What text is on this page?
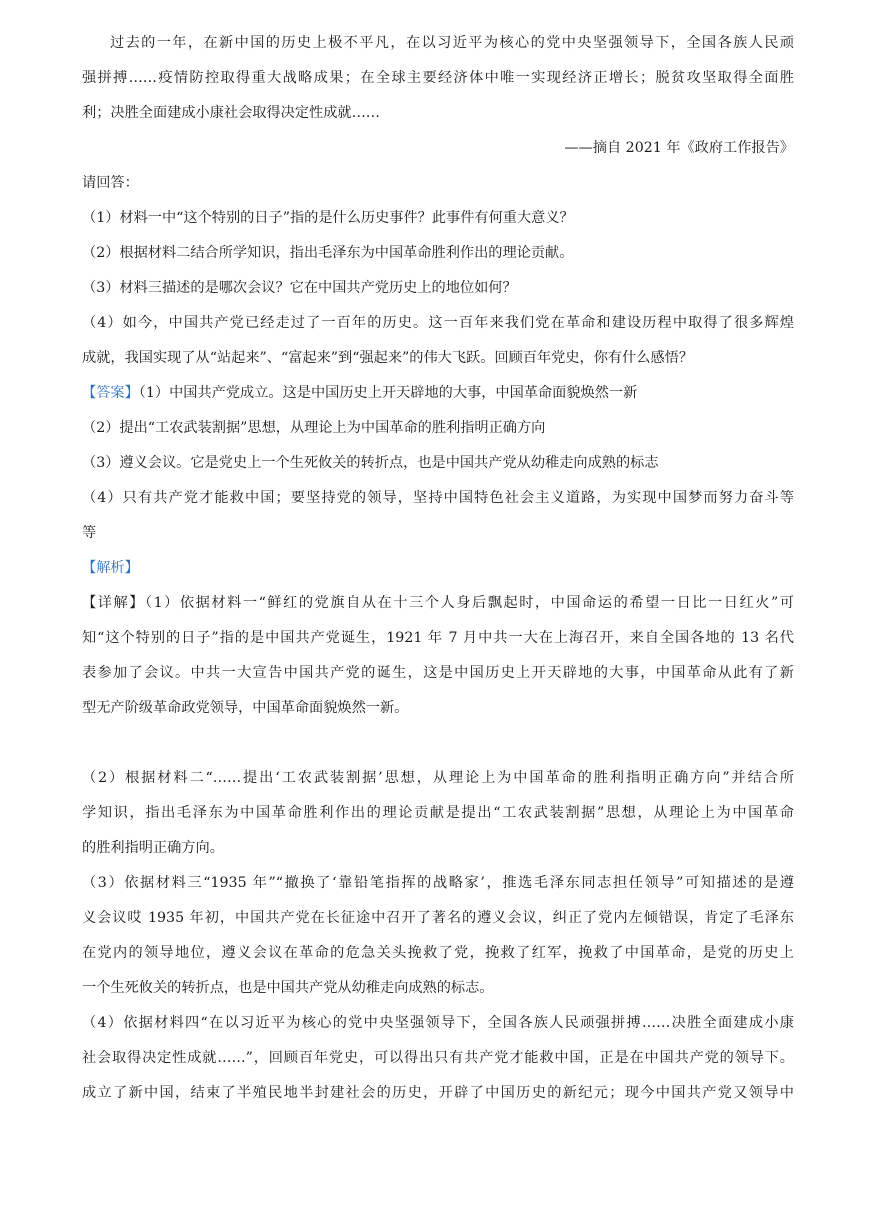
过去的一年，在新中国的历史上极不平凡，在以习近平为核心的党中央坚强领导下，全国各族人民顽
强拼搏……疫情防控取得重大战略成果；在全球主要经济体中唯一实现经济正增长；脱贫攻坚取得全面胜
利；决胜全面建成小康社会取得决定性成就……
——摘自 2021 年《政府工作报告》
请回答：
（1）材料一中“这个特别的日子”指的是什么历史事件？此事件有何重大意义？
（2）根据材料二结合所学知识，指出毛泽东为中国革命胜利作出的理论贡献。
（3）材料三描述的是哪次会议？它在中国共产党历史上的地位如何？
（4）如今，中国共产党已经走过了一百年的历史。这一百年来我们党在革命和建设历程中取得了很多辉煌
成就，我国实现了从“站起来”、“富起来”到“强起来”的伟大飞跃。回顾百年党史，你有什么感悟？
【答案】（1）中国共产党成立。这是中国历史上开天辟地的大事，中国革命面貌焕然一新
（2）提出“工农武装割据”思想，从理论上为中国革命的胜利指明正确方向
（3）遵义会议。它是党史上一个生死攸关的转折点，也是中国共产党从幼稚走向成熟的标志
（4）只有共产党才能救中国；要坚持党的领导，坚持中国特色社会主义道路，为实现中国梦而努力奋斗等
等
【解析】
【详解】（1）依据材料一“鲜红的党旗自从在十三个人身后飘起时，中国命运的希望一日比一日红火”可
知“这个特别的日子”指的是中国共产党诞生，1921 年 7 月中共一大在上海召开，来自全国各地的 13 名代
表参加了会议。中共一大宣告中国共产党的诞生，这是中国历史上开天辟地的大事，中国革命从此有了新
型无产阶级革命政党领导，中国革命面貌焕然一新。
（2）根据材料二“……提出‘工农武装割据’思想，从理论上为中国革命的胜利指明正确方向”并结合所
学知识，指出毛泽东为中国革命胜利作出的理论贡献是提出“工农武装割据”思想，从理论上为中国革命
的胜利指明正确方向。
（3）依据材料三“1935 年”“撤换了‘靠铅笔指挥的战略家’，推选毛泽东同志担任领导”可知描述的是遵
义会议哎 1935 年初，中国共产党在长征途中召开了著名的遵义会议，纠正了党内左倾错误，肯定了毛泽东
在党内的领导地位，遵义会议在革命的危急关头挽救了党，挽救了红军，挽救了中国革命，是党的历史上
一个生死攸关的转折点，也是中国共产党从幼稚走向成熟的标志。
（4）依据材料四“在以习近平为核心的党中央坚强领导下，全国各族人民顽强拼搏……决胜全面建成小康
社会取得决定性成就……”，回顾百年党史，可以得出只有共产党才能救中国，正是在中国共产党的领导下。
成立了新中国，结束了半殖民地半封建社会的历史，开辟了中国历史的新纪元；现今中国共产党又领导中
